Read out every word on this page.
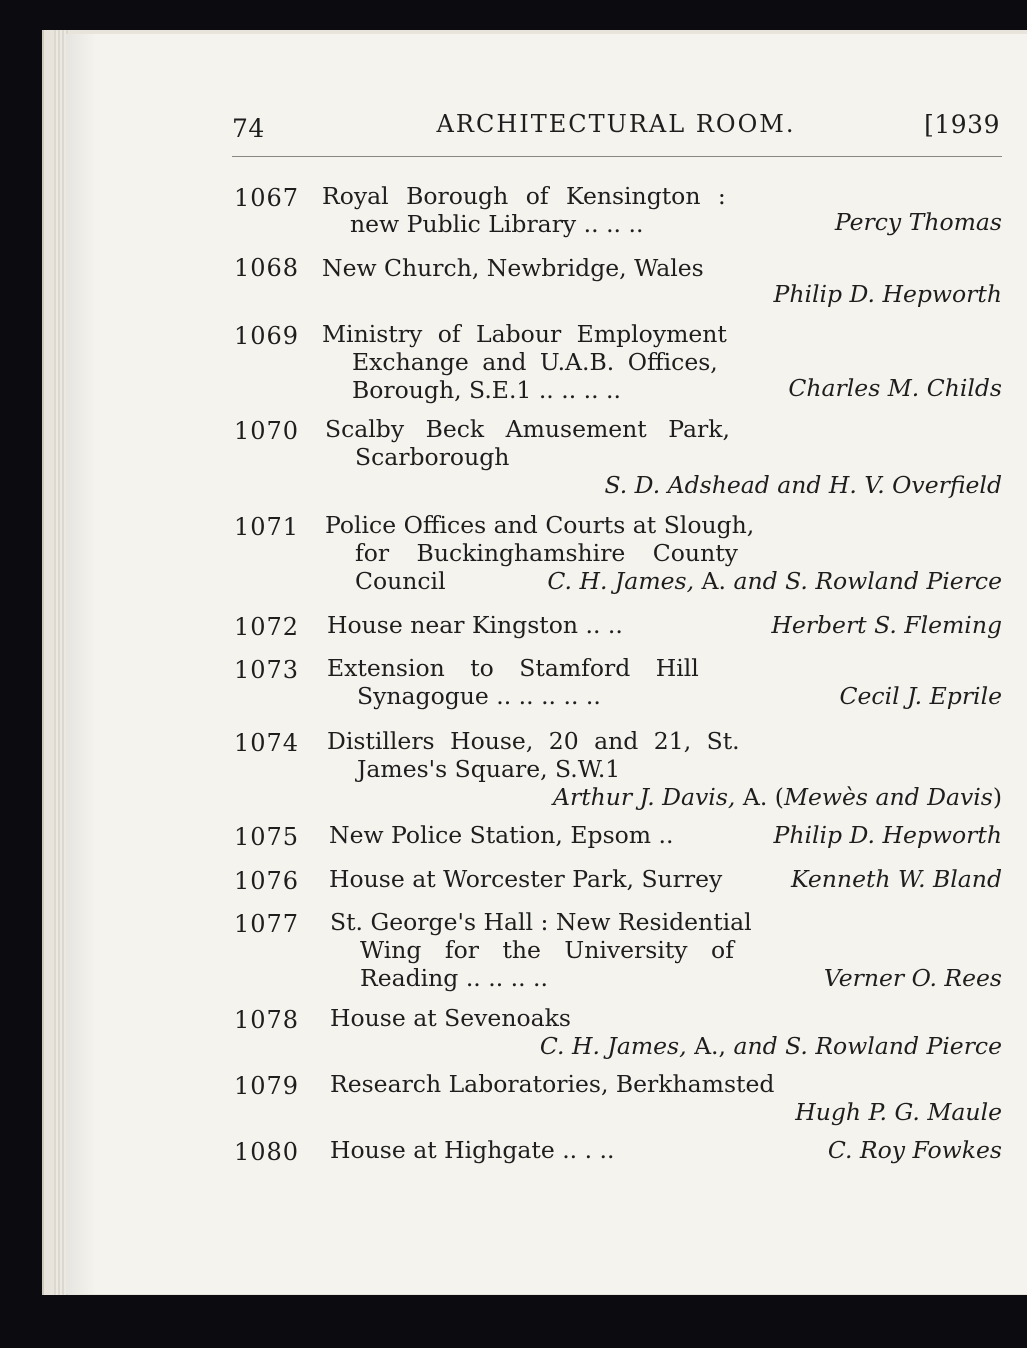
74	ARCHITECTURAL ROOM.	[1939
1067 Royal Borough of Kensington :
new Public Library .. .. ..	Percy Thomas
1068 New Church, Newbridge, Wales
Philip D. Hepworth
1069 Ministry of Labour Employment
Exchange and U.A.B. Offices,
Borough, S.E.1 .. .. .. ..	Charles M. Childs
1070 Scalby Beck Amusement Park,
Scarborough
S. D. Adshead and H. V. Overfield
1071 Police Offices and Courts at Slough,
for Buckinghamshire County
Council	C. H. James, A. and S. Rowland Pierce
1072 House near Kingston .. ..	Herbert S. Fleming
1073 Extension to Stamford Hill
Synagogue .. .. .. .. ..	Cecil J. Eprile
1074 Distillers House, 20 and 21, St.
James's Square, S.W.1
Arthur J. Davis, A. (Mewès and Davis)
1075 New Police Station, Epsom ..	Philip D. Hepworth
1076 House at Worcester Park, Surrey	Kenneth W. Bland
1077 St. George's Hall : New Residential
Wing for the University of
Reading .. .. .. ..	Verner O. Rees
1078 House at Sevenoaks
C. H. James, A., and S. Rowland Pierce
1079 Research Laboratories, Berkhamsted
Hugh P. G. Maule
1080 House at Highgate .. . ..	C. Roy Fowkes
